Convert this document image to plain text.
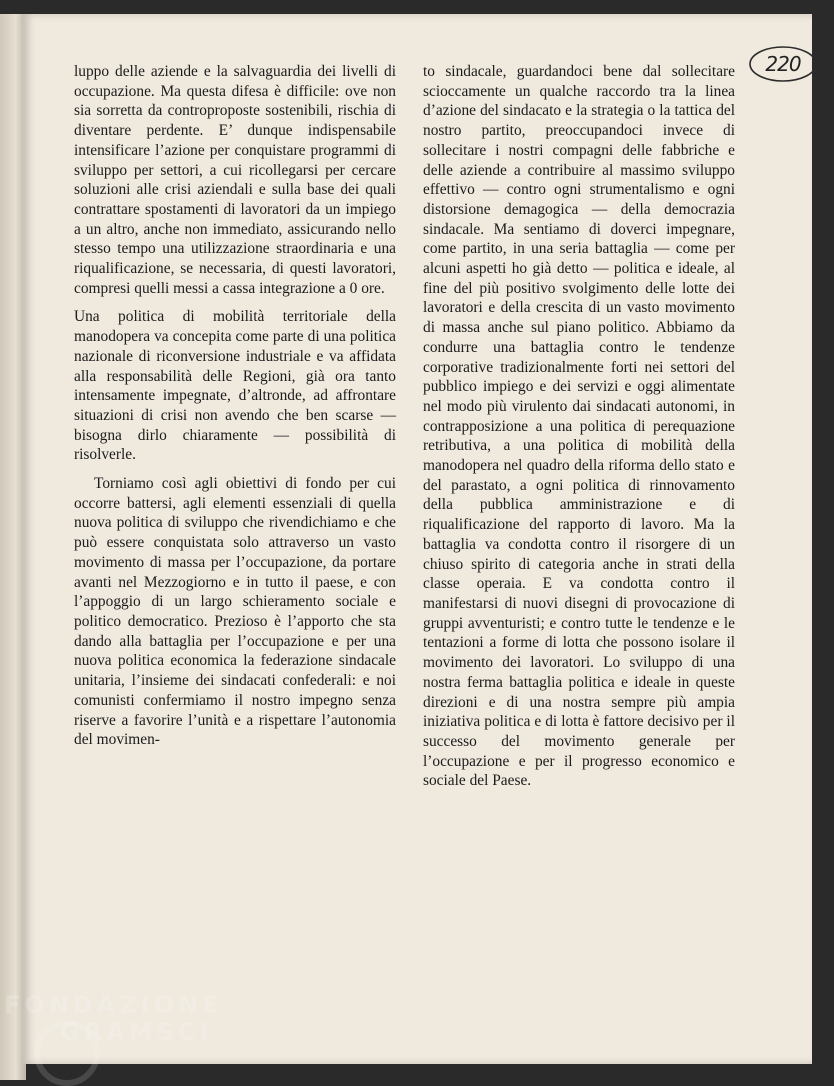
220

luppo delle aziende e la salvaguardia dei livelli di occupazione. Ma questa difesa è difficile: ove non sia sorretta da controproposte sostenibili, rischia di diventare perdente. E’ dunque indispensabile intensificare l’azione per conquistare programmi di sviluppo per settori, a cui ricollegarsi per cercare soluzioni alle crisi aziendali e sulla base dei quali contrattare spostamenti di lavoratori da un impiego a un altro, anche non immediato, assicurando nello stesso tempo una utilizzazione straordinaria e una riqualificazione, se necessaria, di questi lavoratori, compresi quelli messi a cassa integrazione a 0 ore.

Una politica di mobilità territoriale della manodopera va concepita come parte di una politica nazionale di riconversione industriale e va affidata alla responsabilità delle Regioni, già ora tanto intensamente impegnate, d’altronde, ad affrontare situazioni di crisi non avendo che ben scarse — bisogna dirlo chiaramente — possibilità di risolverle.

Torniamo così agli obiettivi di fondo per cui occorre battersi, agli elementi essenziali di quella nuova politica di sviluppo che rivendichiamo e che può essere conquistata solo attraverso un vasto movimento di massa per l’occupazione, da portare avanti nel Mezzogiorno e in tutto il paese, e con l’appoggio di un largo schieramento sociale e politico democratico. Prezioso è l’apporto che sta dando alla battaglia per l’occupazione e per una nuova politica economica la federazione sindacale unitaria, l’insieme dei sindacati confederali: e noi comunisti confermiamo il nostro impegno senza riserve a favorire l’unità e a rispettare l’autonomia del movimen-

to sindacale, guardandoci bene dal sollecitare scioccamente un qualche raccordo tra la linea d’azione del sindacato e la strategia o la tattica del nostro partito, preoccupandoci invece di sollecitare i nostri compagni delle fabbriche e delle aziende a contribuire al massimo sviluppo effettivo — contro ogni strumentalismo e ogni distorsione demagogica — della democrazia sindacale. Ma sentiamo di doverci impegnare, come partito, in una seria battaglia — come per alcuni aspetti ho già detto — politica e ideale, al fine del più positivo svolgimento delle lotte dei lavoratori e della crescita di un vasto movimento di massa anche sul piano politico. Abbiamo da condurre una battaglia contro le tendenze corporative tradizionalmente forti nei settori del pubblico impiego e dei servizi e oggi alimentate nel modo più virulento dai sindacati autonomi, in contrapposizione a una politica di perequazione retributiva, a una politica di mobilità della manodopera nel quadro della riforma dello stato e del parastato, a ogni politica di rinnovamento della pubblica amministrazione e di riqualificazione del rapporto di lavoro. Ma la battaglia va condotta contro il risorgere di un chiuso spirito di categoria anche in strati della classe operaia. E va condotta contro il manifestarsi di nuovi disegni di provocazione di gruppi avventuristi; e contro tutte le tendenze e le tentazioni a forme di lotta che possono isolare il movimento dei lavoratori. Lo sviluppo di una nostra ferma battaglia politica e ideale in queste direzioni e di una nostra sempre più ampia iniziativa politica e di lotta è fattore decisivo per il successo del movimento generale per l’occupazione e per il progresso economico e sociale del Paese.

FONDAZIONE
GRAMSCI
